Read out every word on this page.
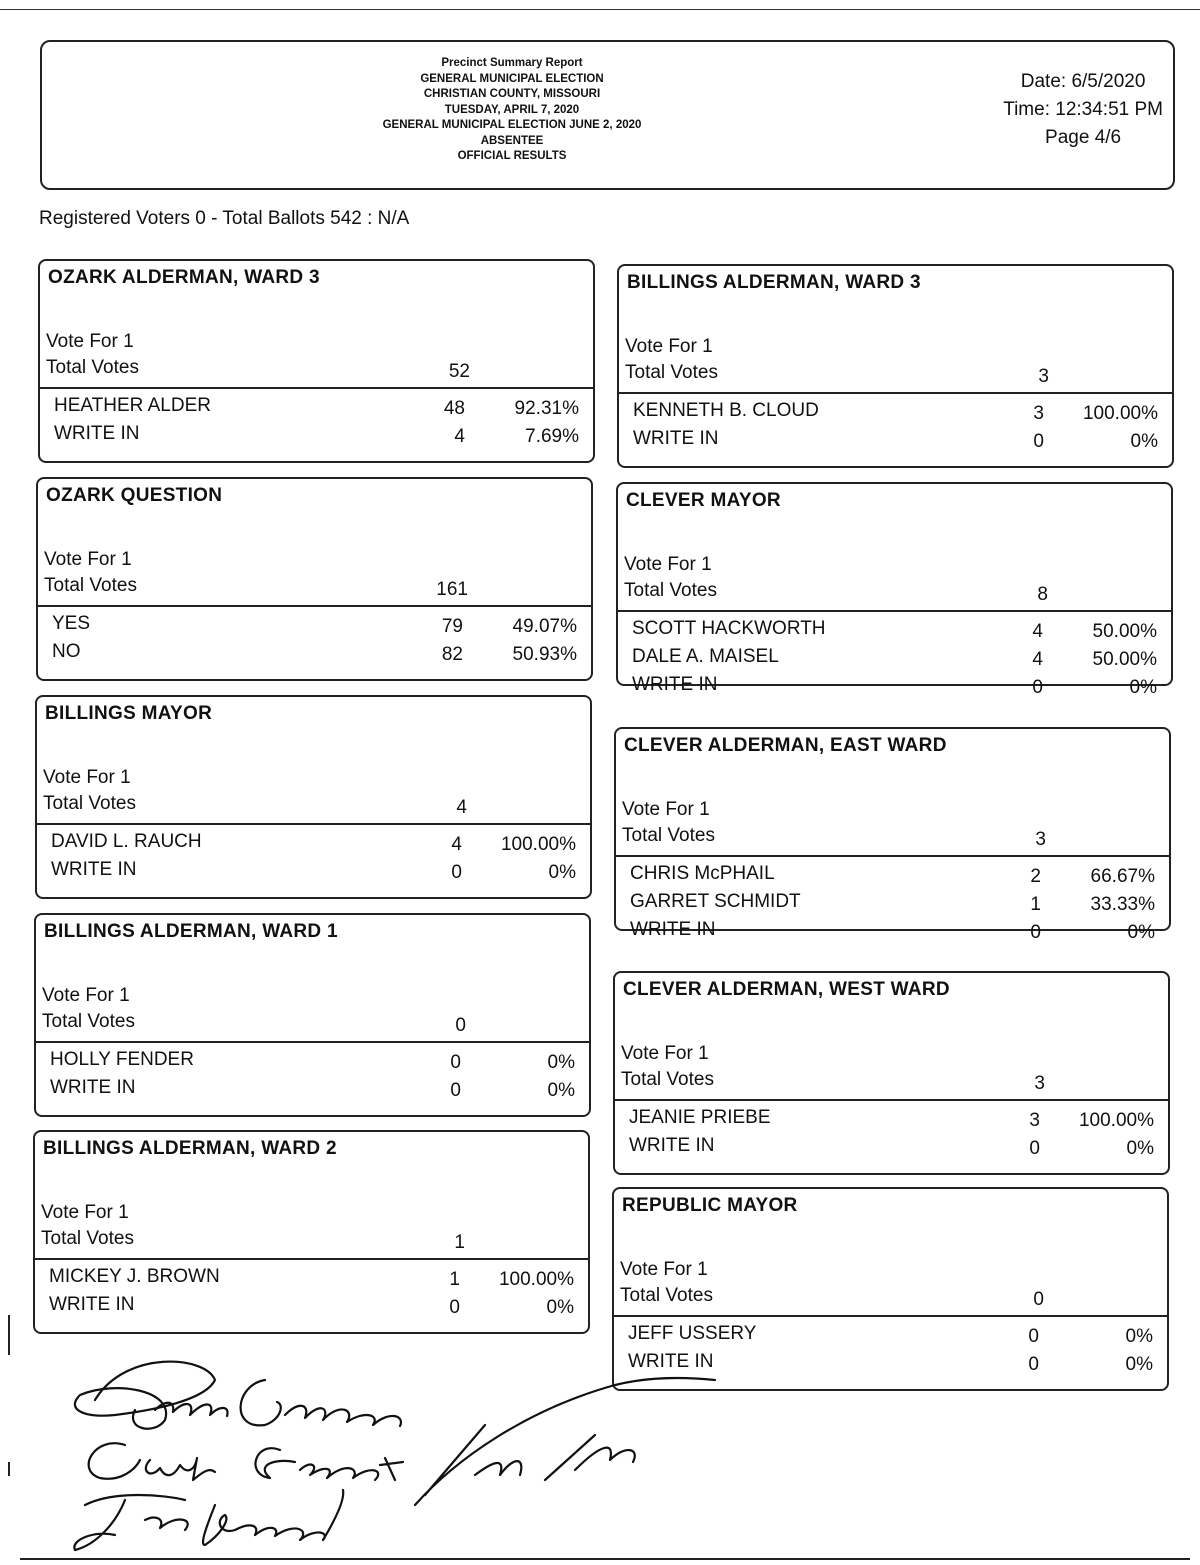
Precinct Summary Report
GENERAL MUNICIPAL ELECTION
CHRISTIAN COUNTY, MISSOURI
TUESDAY, APRIL 7, 2020
GENERAL MUNICIPAL ELECTION JUNE 2, 2020
ABSENTEE
OFFICIAL RESULTS
Date: 6/5/2020
Time: 12:34:51 PM
Page 4/6
Registered Voters 0 - Total Ballots 542 : N/A
OZARK ALDERMAN, WARD 3
Vote For 1
Total Votes	52
HEATHER ALDER	48	92.31%
WRITE IN	4	7.69%
OZARK QUESTION
Vote For 1
Total Votes	161
YES	79	49.07%
NO	82	50.93%
BILLINGS MAYOR
Vote For 1
Total Votes	4
DAVID L. RAUCH	4 100.00%
WRITE IN	0	0%
BILLINGS ALDERMAN, WARD 1
Vote For 1
Total Votes	0
HOLLY FENDER	0	0%
WRITE IN	0	0%
BILLINGS ALDERMAN, WARD 2
Vote For 1
Total Votes	1
MICKEY J. BROWN	1 100.00%
WRITE IN	0	0%
BILLINGS ALDERMAN, WARD 3
Vote For 1
Total Votes	3
KENNETH B. CLOUD	3 100.00%
WRITE IN	0	0%
CLEVER MAYOR
Vote For 1
Total Votes	8
SCOTT HACKWORTH	4	50.00%
DALE A. MAISEL	4	50.00%
WRITE IN	0	0%
CLEVER ALDERMAN, EAST WARD
Vote For 1
Total Votes	3
CHRIS McPHAIL	2	66.67%
GARRET SCHMIDT	1	33.33%
WRITE IN	0	0%
CLEVER ALDERMAN, WEST WARD
Vote For 1
Total Votes	3
JEANIE PRIEBE	3 100.00%
WRITE IN	0	0%
REPUBLIC MAYOR
Vote For 1
Total Votes	0
JEFF USSERY	0	0%
WRITE IN	0	0%
